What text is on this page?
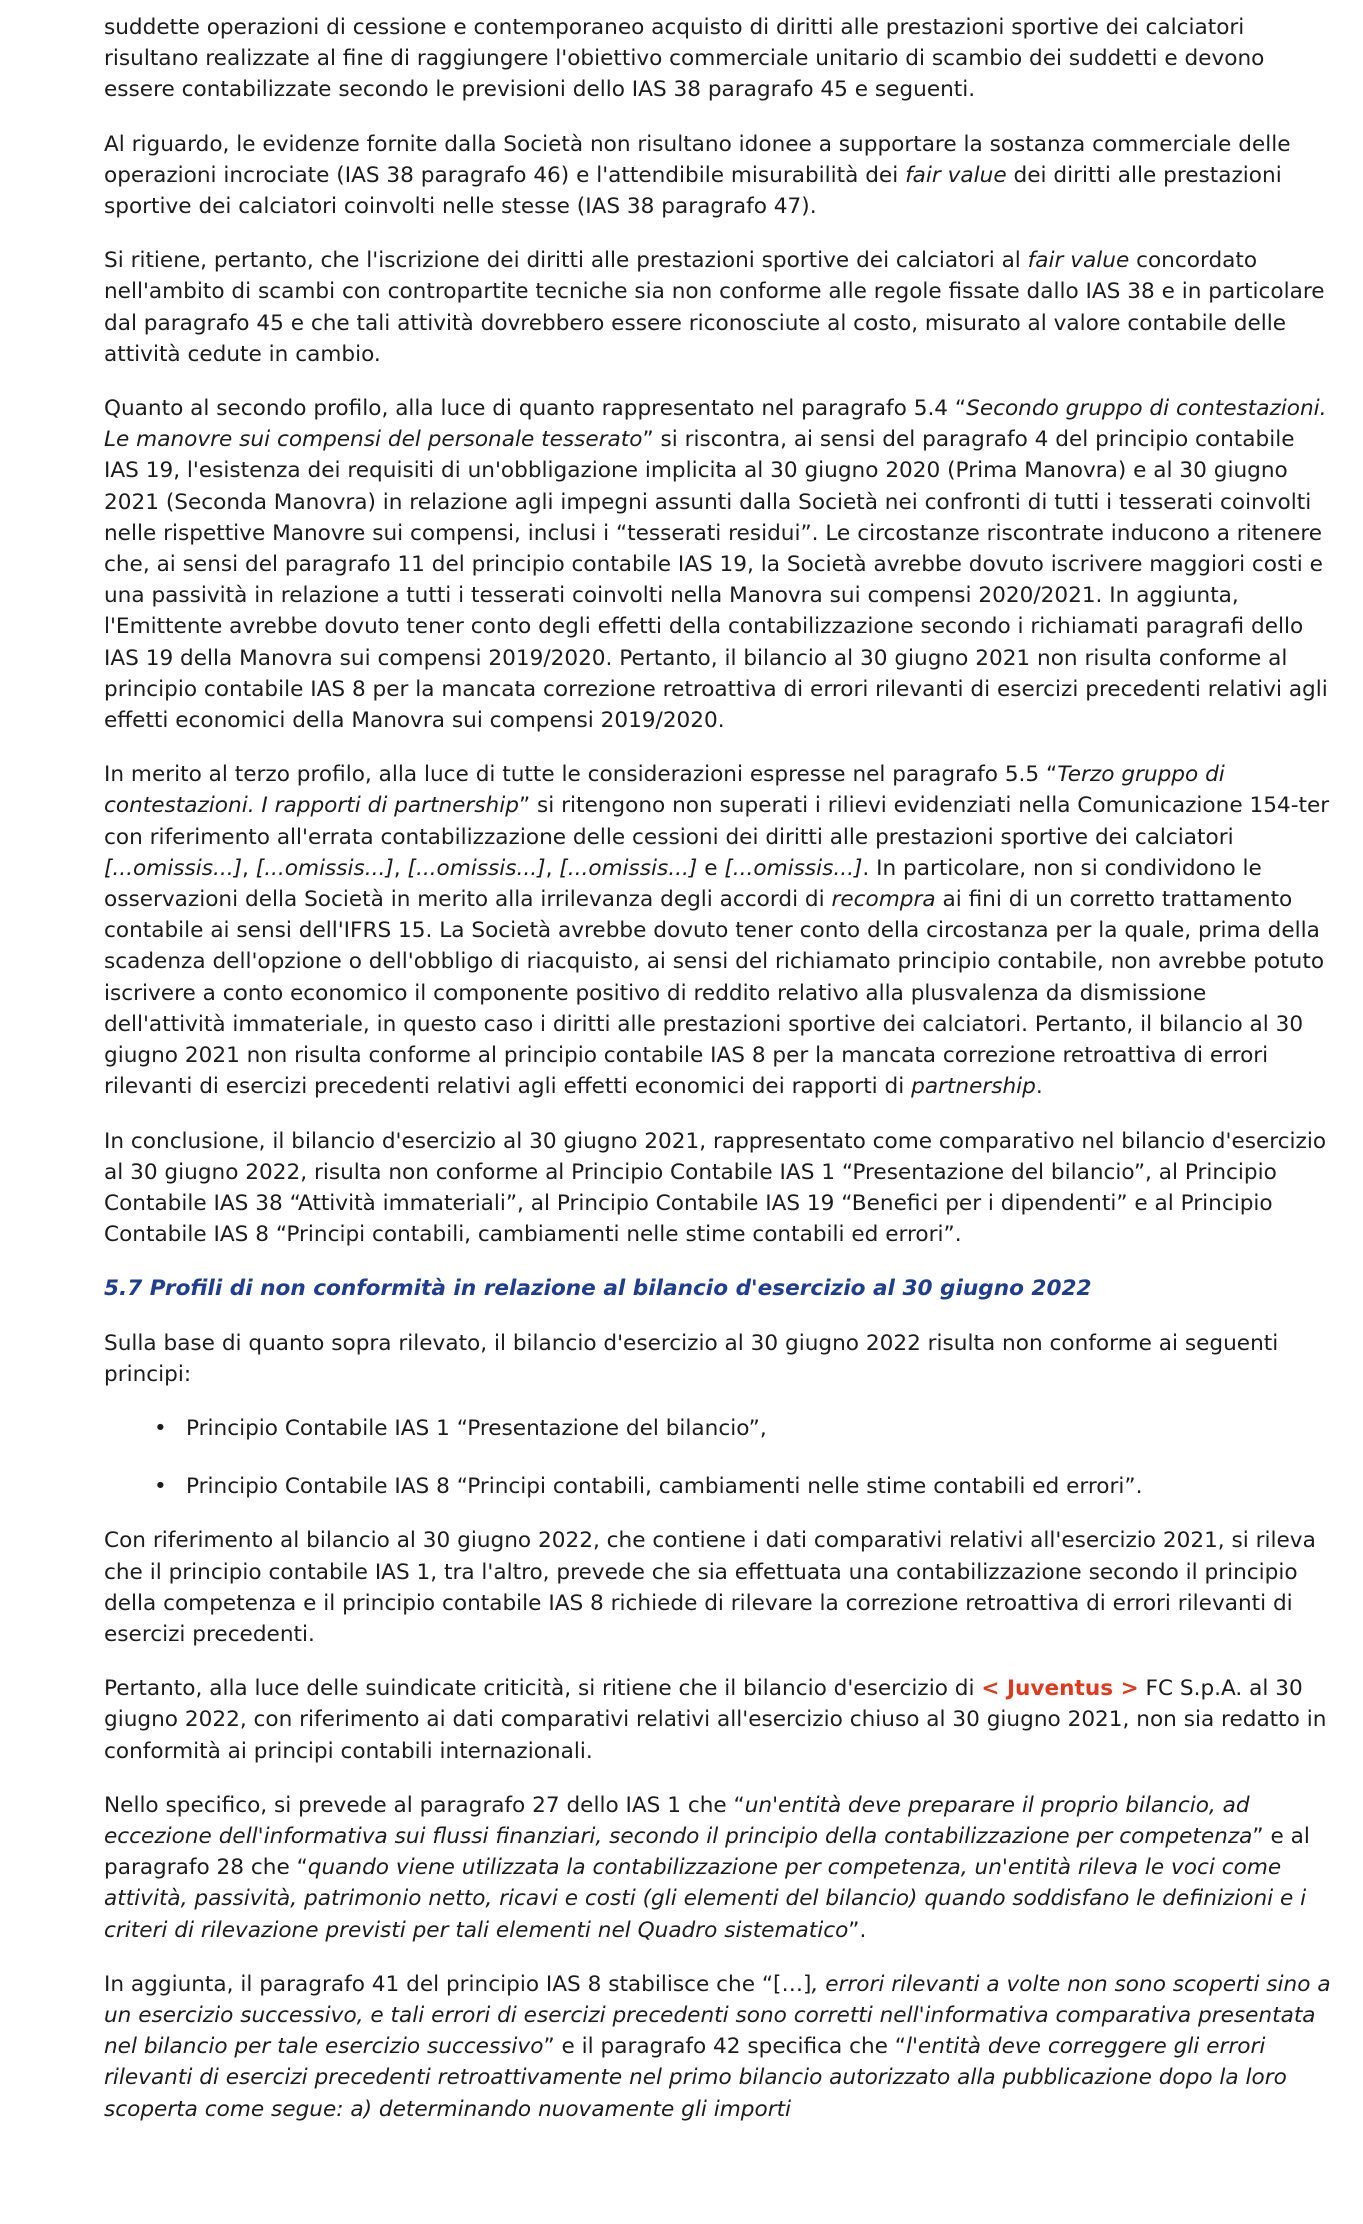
suddette operazioni di cessione e contemporaneo acquisto di diritti alle prestazioni sportive dei calciatori risultano realizzate al fine di raggiungere l'obiettivo commerciale unitario di scambio dei suddetti e devono essere contabilizzate secondo le previsioni dello IAS 38 paragrafo 45 e seguenti.

Al riguardo, le evidenze fornite dalla Società non risultano idonee a supportare la sostanza commerciale delle operazioni incrociate (IAS 38 paragrafo 46) e l'attendibile misurabilità dei fair value dei diritti alle prestazioni sportive dei calciatori coinvolti nelle stesse (IAS 38 paragrafo 47).

Si ritiene, pertanto, che l'iscrizione dei diritti alle prestazioni sportive dei calciatori al fair value concordato nell'ambito di scambi con contropartite tecniche sia non conforme alle regole fissate dallo IAS 38 e in particolare dal paragrafo 45 e che tali attività dovrebbero essere riconosciute al costo, misurato al valore contabile delle attività cedute in cambio.

Quanto al secondo profilo, alla luce di quanto rappresentato nel paragrafo 5.4 “Secondo gruppo di contestazioni. Le manovre sui compensi del personale tesserato” si riscontra, ai sensi del paragrafo 4 del principio contabile IAS 19, l'esistenza dei requisiti di un'obbligazione implicita al 30 giugno 2020 (Prima Manovra) e al 30 giugno 2021 (Seconda Manovra) in relazione agli impegni assunti dalla Società nei confronti di tutti i tesserati coinvolti nelle rispettive Manovre sui compensi, inclusi i “tesserati residui”. Le circostanze riscontrate inducono a ritenere che, ai sensi del paragrafo 11 del principio contabile IAS 19, la Società avrebbe dovuto iscrivere maggiori costi e una passività in relazione a tutti i tesserati coinvolti nella Manovra sui compensi 2020/2021. In aggiunta, l'Emittente avrebbe dovuto tener conto degli effetti della contabilizzazione secondo i richiamati paragrafi dello IAS 19 della Manovra sui compensi 2019/2020. Pertanto, il bilancio al 30 giugno 2021 non risulta conforme al principio contabile IAS 8 per la mancata correzione retroattiva di errori rilevanti di esercizi precedenti relativi agli effetti economici della Manovra sui compensi 2019/2020.

In merito al terzo profilo, alla luce di tutte le considerazioni espresse nel paragrafo 5.5 “Terzo gruppo di contestazioni. I rapporti di partnership” si ritengono non superati i rilievi evidenziati nella Comunicazione 154-ter con riferimento all'errata contabilizzazione delle cessioni dei diritti alle prestazioni sportive dei calciatori [...omissis...], [...omissis...], [...omissis...], [...omissis...] e [...omissis...]. In particolare, non si condividono le osservazioni della Società in merito alla irrilevanza degli accordi di recompra ai fini di un corretto trattamento contabile ai sensi dell'IFRS 15. La Società avrebbe dovuto tener conto della circostanza per la quale, prima della scadenza dell'opzione o dell'obbligo di riacquisto, ai sensi del richiamato principio contabile, non avrebbe potuto iscrivere a conto economico il componente positivo di reddito relativo alla plusvalenza da dismissione dell'attività immateriale, in questo caso i diritti alle prestazioni sportive dei calciatori. Pertanto, il bilancio al 30 giugno 2021 non risulta conforme al principio contabile IAS 8 per la mancata correzione retroattiva di errori rilevanti di esercizi precedenti relativi agli effetti economici dei rapporti di partnership.

In conclusione, il bilancio d'esercizio al 30 giugno 2021, rappresentato come comparativo nel bilancio d'esercizio al 30 giugno 2022, risulta non conforme al Principio Contabile IAS 1 “Presentazione del bilancio”, al Principio Contabile IAS 38 “Attività immateriali”, al Principio Contabile IAS 19 “Benefici per i dipendenti” e al Principio Contabile IAS 8 “Principi contabili, cambiamenti nelle stime contabili ed errori”.

5.7 Profili di non conformità in relazione al bilancio d'esercizio al 30 giugno 2022

Sulla base di quanto sopra rilevato, il bilancio d'esercizio al 30 giugno 2022 risulta non conforme ai seguenti principi:

• Principio Contabile IAS 1 “Presentazione del bilancio”,
• Principio Contabile IAS 8 “Principi contabili, cambiamenti nelle stime contabili ed errori”.

Con riferimento al bilancio al 30 giugno 2022, che contiene i dati comparativi relativi all'esercizio 2021, si rileva che il principio contabile IAS 1, tra l'altro, prevede che sia effettuata una contabilizzazione secondo il principio della competenza e il principio contabile IAS 8 richiede di rilevare la correzione retroattiva di errori rilevanti di esercizi precedenti.

Pertanto, alla luce delle suindicate criticità, si ritiene che il bilancio d'esercizio di < Juventus > FC S.p.A. al 30 giugno 2022, con riferimento ai dati comparativi relativi all'esercizio chiuso al 30 giugno 2021, non sia redatto in conformità ai principi contabili internazionali.

Nello specifico, si prevede al paragrafo 27 dello IAS 1 che “un'entità deve preparare il proprio bilancio, ad eccezione dell'informativa sui flussi finanziari, secondo il principio della contabilizzazione per competenza” e al paragrafo 28 che “quando viene utilizzata la contabilizzazione per competenza, un'entità rileva le voci come attività, passività, patrimonio netto, ricavi e costi (gli elementi del bilancio) quando soddisfano le definizioni e i criteri di rilevazione previsti per tali elementi nel Quadro sistematico”.

In aggiunta, il paragrafo 41 del principio IAS 8 stabilisce che “[…], errori rilevanti a volte non sono scoperti sino a un esercizio successivo, e tali errori di esercizi precedenti sono corretti nell'informativa comparativa presentata nel bilancio per tale esercizio successivo” e il paragrafo 42 specifica che “l'entità deve correggere gli errori rilevanti di esercizi precedenti retroattivamente nel primo bilancio autorizzato alla pubblicazione dopo la loro scoperta come segue: a) determinando nuovamente gli importi
